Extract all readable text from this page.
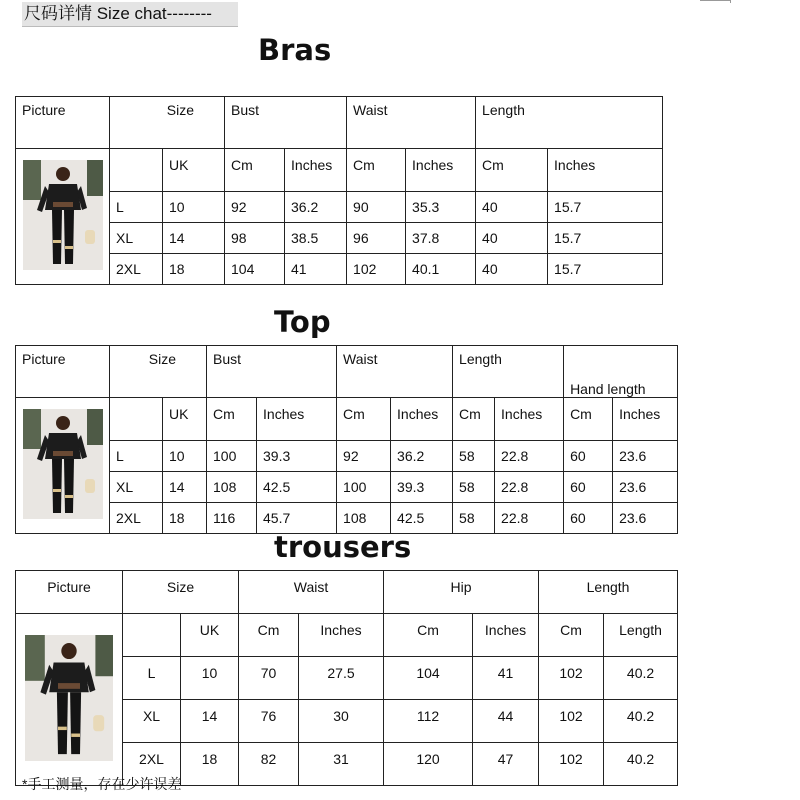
尺码详情 Size chat--------
Bras
Picture	Size		Bust		Waist		Length	
		UK	Cm	Inches	Cm	Inches	Cm	Inches
	L	10	92	36.2	90	35.3	40	15.7
	XL	14	98	38.5	96	37.8	40	15.7
	2XL	18	104	41	102	40.1	40	15.7
Top
Picture	Size		Bust		Waist		Length		Hand length	
		UK	Cm	Inches	Cm	Inches	Cm	Inches	Cm	Inches
	L	10	100	39.3	92	36.2	58	22.8	60	23.6
	XL	14	108	42.5	100	39.3	58	22.8	60	23.6
	2XL	18	116	45.7	108	42.5	58	22.8	60	23.6
trousers
Picture	Size		Waist		Hip		Length	
		UK	Cm	Inches	Cm	Inches	Cm	Length
	L	10	70	27.5	104	41	102	40.2
	XL	14	76	30	112	44	102	40.2
	2XL	18	82	31	120	47	102	40.2
*手工测量，存在少许误差
